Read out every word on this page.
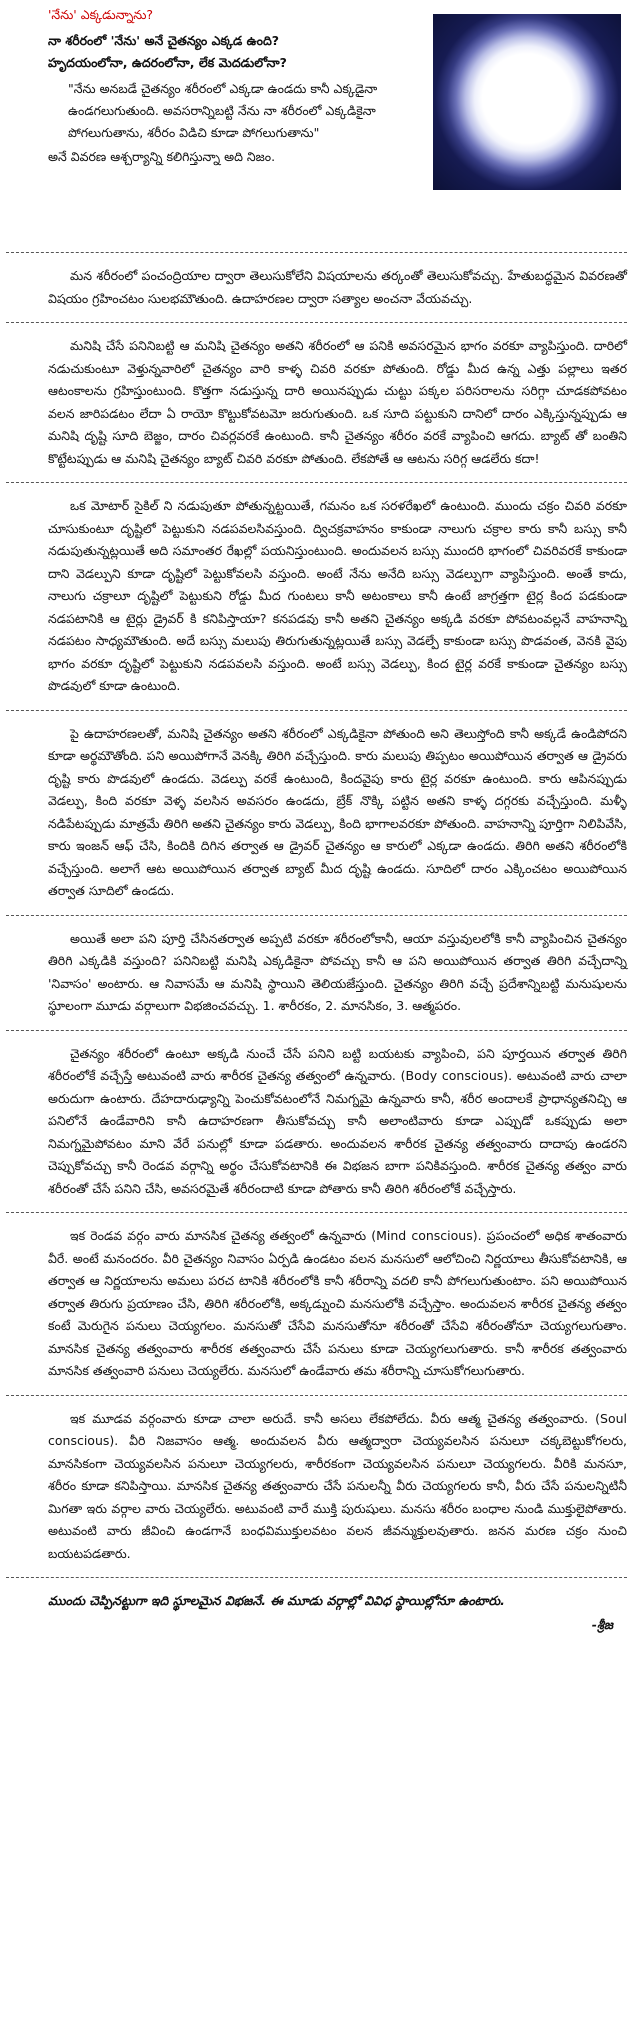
'నేను' ఎక్కడున్నాను?

నా శరీరంలో 'నేను' అనే చైతన్యం ఎక్కడ ఉంది?

హృదయంలోనా, ఉదరంలోనా, లేక మెదడులోనా?

"నేను అనబడే చైతన్యం శరీరంలో ఎక్కడా ఉండదు కానీ ఎక్కడైనా ఉండగలుగుతుంది. అవసరాన్నిబట్టి నేను నా శరీరంలో ఎక్కడికైనా పోగలుగుతాను, శరీరం విడిచి కూడా పోగలుగుతాను"

అనే వివరణ ఆశ్చర్యాన్ని కలిగిస్తున్నా అది నిజం.

మన శరీరంలో పంచంద్రియాల ద్వారా తెలుసుకోలేని విషయాలను తర్కంతో తెలుసుకోవచ్చు. హేతుబద్ధమైన వివరణతో విషయం గ్రహించటం సులభమౌతుంది. ఉదాహరణల ద్వారా సత్యాల అంచనా వేయవచ్చు.

మనిషి చేసే పనినిబట్టి ఆ మనిషి చైతన్యం అతని శరీరంలో ఆ పనికి అవసరమైన భాగం వరకూ వ్యాపిస్తుంది. దారిలో నడుచుకుంటూ వెళ్తున్నవారిలో చైతన్యం వారి కాళ్ళ చివరి వరకూ పోతుంది. రోడ్డు మీద ఉన్న ఎత్తు పల్లాలు ఇతర ఆటంకాలను గ్రహిస్తుంటుంది. కొత్తగా నడుస్తున్న దారి అయినప్పుడు చుట్టు పక్కల పరిసరాలను సరిగ్గా చూడకపోవటం వలన జారిపడటం లేదా ఏ రాయో కొట్టుకోవటమో జరుగుతుంది. ఒక సూది పట్టుకుని దానిలో దారం ఎక్కిస్తున్నప్పుడు ఆ మనిషి దృష్టి సూది బెజ్జం, దారం చివర్లవరకే ఉంటుంది. కానీ చైతన్యం శరీరం వరకే వ్యాపించి ఆగదు. బ్యాట్ తో బంతిని కొట్టేటప్పుడు ఆ మనిషి చైతన్యం బ్యాట్ చివరి వరకూ పోతుంది. లేకపోతే ఆ ఆటను సరిగ్గ ఆడలేరు కదా!

ఒక మోటార్ సైకిల్ ని నడుపుతూ పోతున్నట్టయితే, గమనం ఒక సరళరేఖలో ఉంటుంది. ముందు చక్రం చివరి వరకూ చూసుకుంటూ దృష్టిలో పెట్టుకుని నడపవలసివస్తుంది. ద్విచక్రవాహనం కాకుండా నాలుగు చక్రాల కారు కానీ బస్సు కానీ నడుపుతున్నట్లయితే అది సమాంతర రేఖల్లో పయనిస్తుంటుంది. అందువలన బస్సు ముందరి భాగంలో చివరివరకే కాకుండా దాని వెడల్పుని కూడా దృష్టిలో పెట్టుకోవలసి వస్తుంది. అంటే నేను అనేది బస్సు వెడల్పుగా వ్యాపిస్తుంది. అంతే కాదు, నాలుగు చక్రాలూ దృష్టిలో పెట్టుకుని రోడ్డు మీద గుంటలు కానీ అటంకాలు కానీ ఉంటే జాగ్రత్తగా టైర్ల కింద పడకుండా నడపటానికి ఆ టైర్లు డ్రైవర్ కి కనిపిస్తాయా? కనపడవు కానీ అతని చైతన్యం అక్కడి వరకూ పోవటంవల్లనే వాహనాన్ని నడపటం సాధ్యమౌతుంది. అదే బస్సు మలుపు తిరుగుతున్నట్లయితే బస్సు వెడల్పే కాకుండా బస్సు పొడవంత, వెనకి వైపు భాగం వరకూ దృష్టిలో పెట్టుకుని నడపవలసి వస్తుంది. అంటే బస్సు వెడల్పు, కింద టైర్ల వరకే కాకుండా చైతన్యం బస్సు పొడవులో కూడా ఉంటుంది.

పై ఉదాహరణలతో, మనిషి చైతన్యం అతని శరీరంలో ఎక్కడికైనా పోతుంది అని తెలుస్తోంది కానీ అక్కడే ఉండిపోదని కూడా అర్థమౌతోంది. పని అయిపోగానే వెనక్కి తిరిగి వచ్చేస్తుంది. కారు మలుపు తిప్పటం అయిపోయిన తర్వాత ఆ డ్రైవరు దృష్టి కారు పొడవులో ఉండదు. వెడల్పు వరకే ఉంటుంది, కిందవైపు కారు టైర్ల వరకూ ఉంటుంది. కారు ఆపినప్పుడు వెడల్పు, కింది వరకూ వెళ్ళ వలసిన అవసరం ఉండదు, బ్రేక్ నొక్కి పట్టిన అతని కాళ్ళ దగ్గరకు వచ్చేస్తుంది. మళ్ళీ నడిపేటప్పుడు మాత్రమే తిరిగి అతని చైతన్యం కారు వెడల్పు, కింది భాగాలవరకూ పోతుంది. వాహనాన్ని పూర్తిగా నిలిపివేసి, కారు ఇంజన్ ఆఫ్ చేసి, కిందికి దిగిన తర్వాత ఆ డ్రైవర్ చైతన్యం ఆ కారులో ఎక్కడా ఉండదు. తిరిగి అతని శరీరంలోకి వచ్చేస్తుంది. అలాగే ఆట అయిపోయిన తర్వాత బ్యాట్ మీద దృష్టి ఉండదు. సూదిలో దారం ఎక్కించటం అయిపోయిన తర్వాత సూదిలో ఉండదు.

అయితే అలా పని పూర్తి చేసినతర్వాత అప్పటి వరకూ శరీరంలోకానీ, ఆయా వస్తువులలోకి కానీ వ్యాపించిన చైతన్యం తిరిగి ఎక్కడికి వస్తుంది? పనినిబట్టి మనిషి ఎక్కడికైనా పోవచ్చు కానీ ఆ పని అయిపోయిన తర్వాత తిరిగి వచ్చేదాన్ని 'నివాసం' అంటారు. ఆ నివాసమే ఆ మనిషి స్థాయిని తెలియజేస్తుంది. చైతన్యం తిరిగి వచ్చే ప్రదేశాన్నిబట్టి మనుషులను స్థూలంగా మూడు వర్గాలుగా విభజించవచ్చు. 1. శారీరకం, 2. మానసికం, 3. ఆత్మపరం.

చైతన్యం శరీరంలో ఉంటూ అక్కడి నుంచే చేసే పనిని బట్టి బయటకు వ్యాపించి, పని పూర్తయిన తర్వాత తిరిగి శరీరంలోకే వచ్చేస్తే అటువంటి వారు శారీరక చైతన్య తత్వంలో ఉన్నవారు. (Body conscious). అటువంటి వారు చాలా అరుదుగా ఉంటారు. దేహదారుఢ్యాన్ని పెంచుకోవటంలోనే నిమగ్నమై ఉన్నవారు కానీ, శరీర అందాలకే ప్రాధాన్యతనిచ్చి ఆ పనిలోనే ఉండేవారిని కానీ ఉదాహరణగా తీసుకోవచ్చు కానీ అలాంటివారు కూడా ఎప్పుడో ఒకప్పుడు అలా నిమగ్నమైపోవటం మాని వేరే పనుల్లో కూడా పడతారు. అందువలన శారీరక చైతన్య తత్వంవారు దాదాపు ఉండరని చెప్పుకోవచ్చు కానీ రెండవ వర్గాన్ని అర్థం చేసుకోవటానికి ఈ విభజన బాగా పనికివస్తుంది. శారీరక చైతన్య తత్వం వారు శరీరంతో చేసే పనిని చేసి, అవసరమైతే శరీరందాటి కూడా పోతారు కానీ తిరిగి శరీరంలోకే వచ్చేస్తారు.

ఇక రెండవ వర్గం వారు మానసిక చైతన్య తత్వంలో ఉన్నవారు (Mind conscious). ప్రపంచంలో అధిక శాతంవారు వీరే. అంటే మనందరం. వీరి చైతన్యం నివాసం ఏర్పడి ఉండటం వలన మనసులో ఆలోచించి నిర్ణయాలు తీసుకోవటానికి, ఆ తర్వాత ఆ నిర్ణయాలను అమలు పరచ టానికి శరీరంలోకి కానీ శరీరాన్ని వదలి కానీ పోగలుగుతుంటాం. పని అయిపోయిన తర్వాత తిరుగు ప్రయాణం చేసి, తిరిగి శరీరంలోకి, అక్కడ్నుంచి మనసులోకి వచ్చేస్తాం. అందువలన శారీరక చైతన్య తత్వం కంటే మెరుగైన పనులు చెయ్యగలం. మనసుతో చేసేవి మనసుతోనూ శరీరంతో చేసేవి శరీరంతోనూ చెయ్యగలుగుతాం. మానసిక చైతన్య తత్వంవారు శారీరక తత్వంవారు చేసే పనులు కూడా చెయ్యగలుగుతారు. కానీ శారీరక తత్వంవారు మానసిక తత్వంవారి పనులు చెయ్యలేరు. మనసులో ఉండేవారు తమ శరీరాన్ని చూసుకోగలుగుతారు.

ఇక మూడవ వర్గంవారు కూడా చాలా అరుదే. కానీ అసలు లేకపోలేదు. వీరు ఆత్మ చైతన్య తత్వంవారు. (Soul conscious). వీరి నిజవాసం ఆత్మ. అందువలన వీరు ఆత్మద్వారా చెయ్యవలసిన పనులూ చక్కబెట్టుకోగలరు, మానసికంగా చెయ్యవలసిన పనులూ చెయ్యగలరు, శారీరకంగా చెయ్యవలసిన పనులూ చెయ్యగలరు. వీరికి మనసూ, శరీరం కూడా కనిపిస్తాయి. మానసిక చైతన్య తత్వంవారు చేసే పనులన్నీ వీరు చెయ్యగలరు కానీ, వీరు చేసే పనులన్నిటినీ మిగతా ఇరు వర్గాల వారు చెయ్యలేరు. అటువంటి వారే ముక్తి పురుషులు. మనసు శరీరం బంధాల నుండి ముక్తులైపోతారు. అటువంటి వారు జీవించి ఉండగానే బంధవిముక్తులవటం వలన జీవన్ముక్తులవుతారు. జనన మరణ చక్రం నుంచి బయటపడతారు.

ముందు చెప్పినట్టుగా ఇది స్థూలమైన విభజనే. ఈ మూడు వర్గాల్లో వివిధ స్థాయిల్లోనూ ఉంటారు.

-శ్రీజ
